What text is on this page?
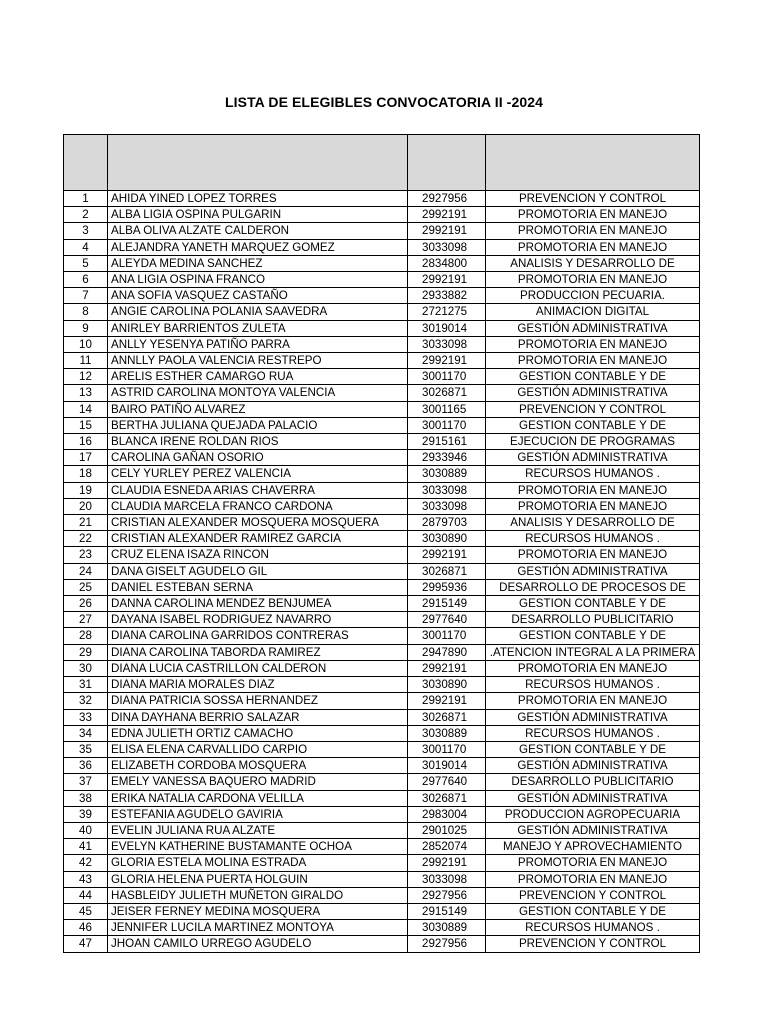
LISTA DE ELEGIBLES CONVOCATORIA II -2024

1	AHIDA YINED LOPEZ TORRES	2927956	PREVENCION Y CONTROL
2	ALBA LIGIA OSPINA PULGARIN	2992191	PROMOTORIA EN MANEJO
3	ALBA OLIVA ALZATE CALDERON	2992191	PROMOTORIA EN MANEJO
4	ALEJANDRA YANETH MARQUEZ GOMEZ	3033098	PROMOTORIA EN MANEJO
5	ALEYDA MEDINA SANCHEZ	2834800	ANALISIS Y DESARROLLO DE
6	ANA LIGIA OSPINA FRANCO	2992191	PROMOTORIA EN MANEJO
7	ANA SOFIA VASQUEZ CASTAÑO	2933882	PRODUCCION PECUARIA.
8	ANGIE CAROLINA POLANIA SAAVEDRA	2721275	ANIMACION DIGITAL
9	ANIRLEY BARRIENTOS ZULETA	3019014	GESTIÓN ADMINISTRATIVA
10	ANLLY YESENYA PATIÑO PARRA	3033098	PROMOTORIA EN MANEJO
11	ANNLLY PAOLA VALENCIA RESTREPO	2992191	PROMOTORIA EN MANEJO
12	ARELIS ESTHER CAMARGO RUA	3001170	GESTION CONTABLE Y DE
13	ASTRID CAROLINA MONTOYA VALENCIA	3026871	GESTIÓN ADMINISTRATIVA
14	BAIRO PATIÑO ALVAREZ	3001165	PREVENCION Y CONTROL
15	BERTHA JULIANA QUEJADA PALACIO	3001170	GESTION CONTABLE Y DE
16	BLANCA IRENE ROLDAN RIOS	2915161	EJECUCION DE PROGRAMAS
17	CAROLINA GAÑAN OSORIO	2933946	GESTIÓN ADMINISTRATIVA
18	CELY YURLEY PEREZ VALENCIA	3030889	RECURSOS HUMANOS .
19	CLAUDIA ESNEDA ARIAS CHAVERRA	3033098	PROMOTORIA EN MANEJO
20	CLAUDIA MARCELA FRANCO CARDONA	3033098	PROMOTORIA EN MANEJO
21	CRISTIAN ALEXANDER MOSQUERA MOSQUERA	2879703	ANALISIS Y DESARROLLO DE
22	CRISTIAN ALEXANDER RAMIREZ GARCIA	3030890	RECURSOS HUMANOS .
23	CRUZ ELENA ISAZA RINCON	2992191	PROMOTORIA EN MANEJO
24	DANA GISELT AGUDELO GIL	3026871	GESTIÓN ADMINISTRATIVA
25	DANIEL ESTEBAN SERNA	2995936	DESARROLLO DE PROCESOS DE
26	DANNA CAROLINA MENDEZ BENJUMEA	2915149	GESTION CONTABLE Y DE
27	DAYANA ISABEL RODRIGUEZ NAVARRO	2977640	DESARROLLO PUBLICITARIO
28	DIANA CAROLINA GARRIDOS CONTRERAS	3001170	GESTION CONTABLE Y DE
29	DIANA CAROLINA TABORDA RAMIREZ	2947890	.ATENCION INTEGRAL A LA PRIMERA
30	DIANA LUCIA CASTRILLON CALDERON	2992191	PROMOTORIA EN MANEJO
31	DIANA MARIA MORALES DIAZ	3030890	RECURSOS HUMANOS .
32	DIANA PATRICIA SOSSA HERNANDEZ	2992191	PROMOTORIA EN MANEJO
33	DINA DAYHANA BERRIO SALAZAR	3026871	GESTIÓN ADMINISTRATIVA
34	EDNA JULIETH ORTIZ CAMACHO	3030889	RECURSOS HUMANOS .
35	ELISA ELENA CARVALLIDO CARPIO	3001170	GESTION CONTABLE Y DE
36	ELIZABETH CORDOBA MOSQUERA	3019014	GESTIÓN ADMINISTRATIVA
37	EMELY VANESSA BAQUERO MADRID	2977640	DESARROLLO PUBLICITARIO
38	ERIKA NATALIA CARDONA VELILLA	3026871	GESTIÓN ADMINISTRATIVA
39	ESTEFANIA AGUDELO GAVIRIA	2983004	PRODUCCION AGROPECUARIA
40	EVELIN JULIANA RUA ALZATE	2901025	GESTIÓN ADMINISTRATIVA
41	EVELYN KATHERINE BUSTAMANTE OCHOA	2852074	MANEJO Y APROVECHAMIENTO
42	GLORIA ESTELA MOLINA ESTRADA	2992191	PROMOTORIA EN MANEJO
43	GLORIA HELENA PUERTA HOLGUIN	3033098	PROMOTORIA EN MANEJO
44	HASBLEIDY JULIETH MUÑETON GIRALDO	2927956	PREVENCION Y CONTROL
45	JEISER FERNEY MEDINA MOSQUERA	2915149	GESTION CONTABLE Y DE
46	JENNIFER LUCILA MARTINEZ MONTOYA	3030889	RECURSOS HUMANOS .
47	JHOAN CAMILO URREGO AGUDELO	2927956	PREVENCION Y CONTROL
